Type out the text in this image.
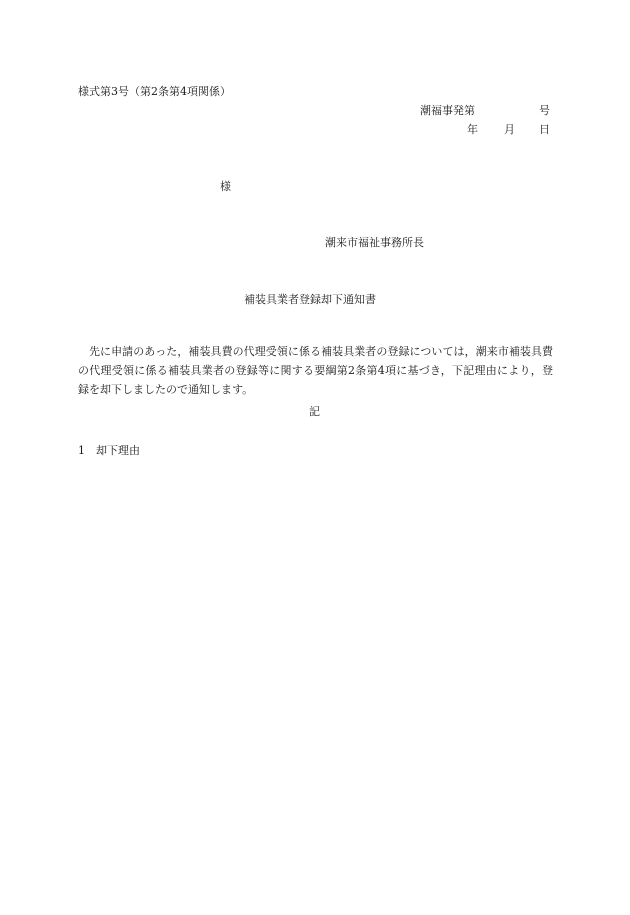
様式第3号（第2条第4項関係）
潮福事発第	号
年 月 日
様
潮来市福祉事務所長
補装具業者登録却下通知書

先に申請のあった，補装具費の代理受領に係る補装具業者の登録については，潮来市補装具費の代理受領に係る補装具業者の登録等に関する要綱第2条第4項に基づき，下記理由により，登録を却下しましたので通知します。

記
1　却下理由
